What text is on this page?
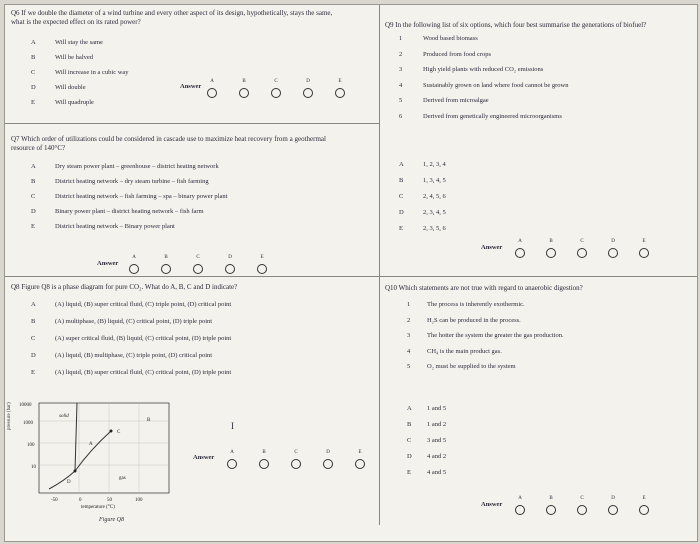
Q6 If we double the diameter of a wind turbine and every other aspect of its design, hypothetically, stays the same, what is the expected effect on its rated power?
A	Will stay the same
B	Will be halved
C	Will increase in a cubic way
D	Will double
E	Will quadruple
Answer
A	B	C	D	E
Q7 Which order of utilizations could be considered in cascade use to maximize heat recovery from a geothermal resource of 140°C?
A	Dry steam power plant – greenhouse – district heating network
B	District heating network – dry steam turbine – fish farming
C	District heating network – fish farming – spa – binary power plant
D	Binary power plant – district heating network – fish farm
E	District heating network – Binary power plant
Answer
A	B	C	D	E
Q8 Figure Q8 is a phase diagram for pure CO₂. What do A, B, C and D indicate?
A	(A) liquid, (B) super critical fluid, (C) triple point, (D) critical point
B	(A) multiphase, (B) liquid, (C) critical point, (D) triple point
C	(A) super critical fluid, (B) liquid, (C) critical point, (D) triple point
D	(A) liquid, (B) multiphase, (C) triple point, (D) critical point
E	(A) liquid, (B) super critical fluid, (C) critical point, (D) triple point
pressure (bar)	solid
gas
A
B
C
D
10000
1000
100
10
-50	0	50	100
temperature (°C)
Figure Q8
I
Answer
A	B	C	D	E
Q9 In the following list of six options, which four best summarise the generations of biofuel?
1	Wood based biomass
2	Produced from food crops
3	High yield plants with reduced CO₂ emissions
4	Sustainably grown on land where food cannot be grown
5	Derived from microalgae
6	Derived from genetically engineered microorganisms
A	1, 2, 3, 4
B	1, 3, 4, 5
C	2, 4, 5, 6
D	2, 3, 4, 5
E	2, 3, 5, 6
Answer
A	B	C	D	E
Q10 Which statements are not true with regard to anaerobic digestion?
1	The process is inherently exothermic.
2	H₂S can be produced in the process.
3	The hotter the system the greater the gas production.
4	CH₄ is the main product gas.
5	O₂ must be supplied to the system
A 1 and 5
B 1 and 2
C 3 and 5
D 4 and 2
E 4 and 5
Answer
A	B	C	D	E
